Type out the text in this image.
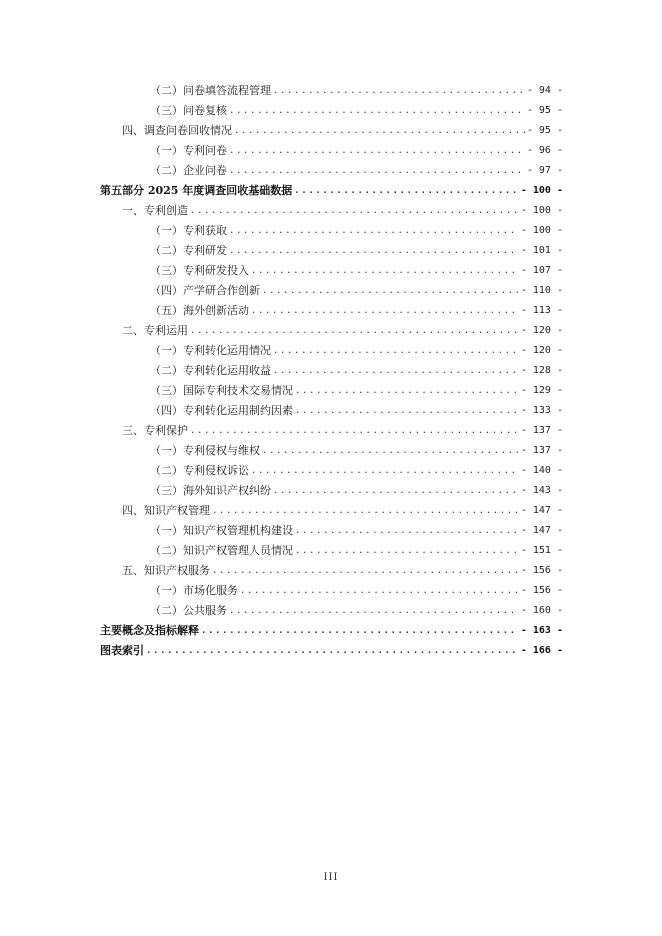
（二）问卷填答流程管理 .....	- 94 -
（三）问卷复核 .....	- 95 -
四、调查问卷回收情况 .....	- 95 -
（一）专利问卷 .....	- 96 -
（二）企业问卷 .....	- 97 -
第五部分 2025 年度调查回收基础数据 .....	- 100 -
一、专利创造 .....	- 100 -
（一）专利获取 .....	- 100 -
（二）专利研发 .....	- 101 -
（三）专利研发投入 .....	- 107 -
（四）产学研合作创新 .....	- 110 -
（五）海外创新活动 .....	- 113 -
二、专利运用 .....	- 120 -
（一）专利转化运用情况 .....	- 120 -
（二）专利转化运用收益 .....	- 128 -
（三）国际专利技术交易情况 .....	- 129 -
（四）专利转化运用制约因素 .....	- 133 -
三、专利保护 .....	- 137 -
（一）专利侵权与维权 .....	- 137 -
（二）专利侵权诉讼 .....	- 140 -
（三）海外知识产权纠纷 .....	- 143 -
四、知识产权管理 .....	- 147 -
（一）知识产权管理机构建设 .....	- 147 -
（二）知识产权管理人员情况 .....	- 151 -
五、知识产权服务 .....	- 156 -
（一）市场化服务 .....	- 156 -
（二）公共服务 .....	- 160 -
主要概念及指标解释 .....	- 163 -
图表索引 .....	- 166 -
III
